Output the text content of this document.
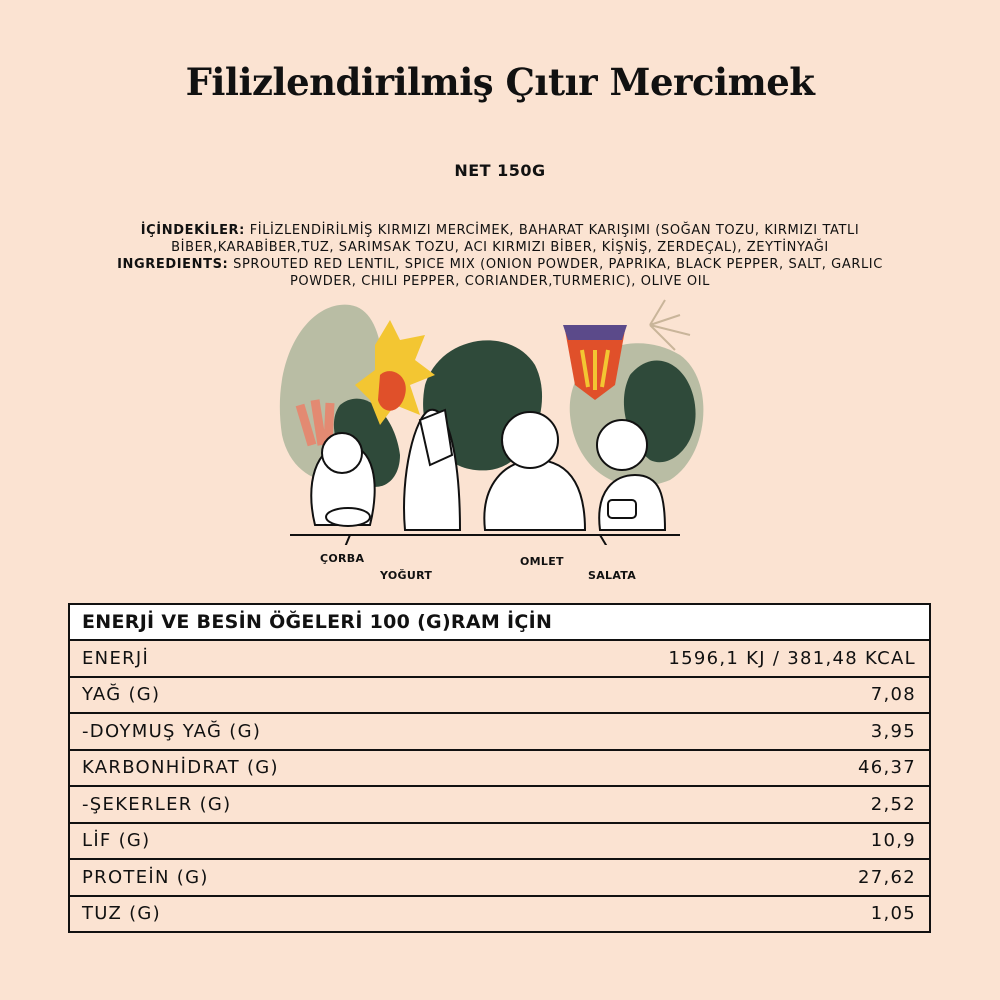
Filizlendirilmiş Çıtır Mercimek
NET 150G
İÇİNDEKİLER: FİLİZLENDİRİLMİŞ KIRMIZI MERCİMEK, BAHARAT KARIŞIMI (SOĞAN TOZU, KIRMIZI TATLI BİBER,KARABİBER,TUZ, SARIMSAK TOZU, ACI KIRMIZI BİBER, KİŞNİŞ, ZERDEÇAL), ZEYTİNYAĞI
INGREDIENTS: SPROUTED RED LENTIL, SPICE MIX (ONION POWDER, PAPRIKA, BLACK PEPPER, SALT, GARLIC POWDER, CHILI PEPPER, CORIANDER,TURMERIC), OLIVE OIL
ÇORBA
YOĞURT
OMLET
SALATA
ENERJİ VE BESİN ÖĞELERİ 100 (G)RAM İÇİN
ENERJİ	1596,1 KJ / 381,48 KCAL
YAĞ (G)	7,08
-DOYMUŞ YAĞ (G)	3,95
KARBONHİDRAT (G)	46,37
-ŞEKERLER (G)	2,52
LİF (G)	10,9
PROTEİN (G)	27,62
TUZ (G)	1,05
